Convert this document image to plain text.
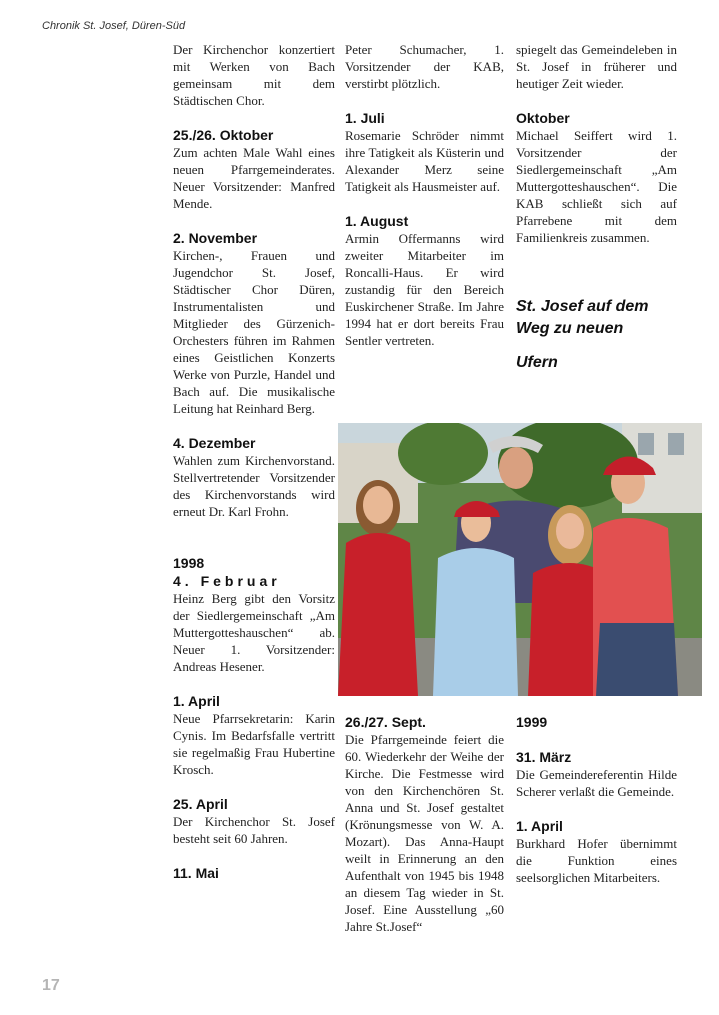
Chronik St. Josef, Düren-Süd

Der Kirchenchor konzertiert mit Werken von Bach gemeinsam mit dem Städtischen Chor.

25./26. Oktober

Zum achten Male Wahl eines neuen Pfarrgemeinderates. Neuer Vorsitzender: Manfred Mende.

2. November

Kirchen-, Frauen und Jugendchor St. Josef, Städtischer Chor Düren, Instrumentalisten und Mitglieder des Gürzenich-Orchesters führen im Rahmen eines Geistlichen Konzerts Werke von Purzle, Handel und Bach auf. Die musikalische Leitung hat Reinhard Berg.

4. Dezember

Wahlen zum Kirchenvorstand. Stellvertretender Vorsitzender des Kirchenvorstands wird erneut Dr. Karl Frohn.

1998
4. Februar

Heinz Berg gibt den Vorsitz der Siedlergemeinschaft „Am Muttergotteshauschen“ ab. Neuer 1. Vorsitzender: Andreas Hesener.

1. April

Neue Pfarrsekretarin: Karin Cynis. Im Bedarfsfalle vertritt sie regelmaßig Frau Hubertine Krosch.

25. April

Der Kirchenchor St. Josef besteht seit 60 Jahren.

11. Mai

Peter Schumacher, 1. Vorsitzender der KAB, verstirbt plötzlich.

1. Juli

Rosemarie Schröder nimmt ihre Tatigkeit als Küsterin und Alexander Merz seine Tatigkeit als Hausmeister auf.

1. August

Armin Offermanns wird zweiter Mitarbeiter im Roncalli-Haus. Er wird zustandig für den Bereich Euskirchener Straße. Im Jahre 1994 hat er dort bereits Frau Sentler vertreten.

spiegelt das Gemeindeleben in St. Josef in früherer und heutiger Zeit wieder.

Oktober

Michael Seiffert wird 1. Vorsitzender der Siedlergemeinschaft „Am Muttergotteshauschen“. Die KAB schließt sich auf Pfarrebene mit dem Familienkreis zusammen.

St. Josef auf dem Weg zu neuen
Ufern
26./27. Sept.

Die Pfarrgemeinde feiert die 60. Wiederkehr der Weihe der Kirche. Die Festmesse wird von den Kirchenchören St. Anna und St. Josef gestaltet (Krönungsmesse von W. A. Mozart). Das Anna-Haupt weilt in Erinnerung an den Aufenthalt von 1945 bis 1948 an diesem Tag wieder in St. Josef. Eine Ausstellung „60 Jahre St.Josef“

1999
31. März

Die Gemeindereferentin Hilde Scherer verlaßt die Gemeinde.

1. April

Burkhard Hofer übernimmt die Funktion eines seelsorglichen Mitarbeiters.

17
